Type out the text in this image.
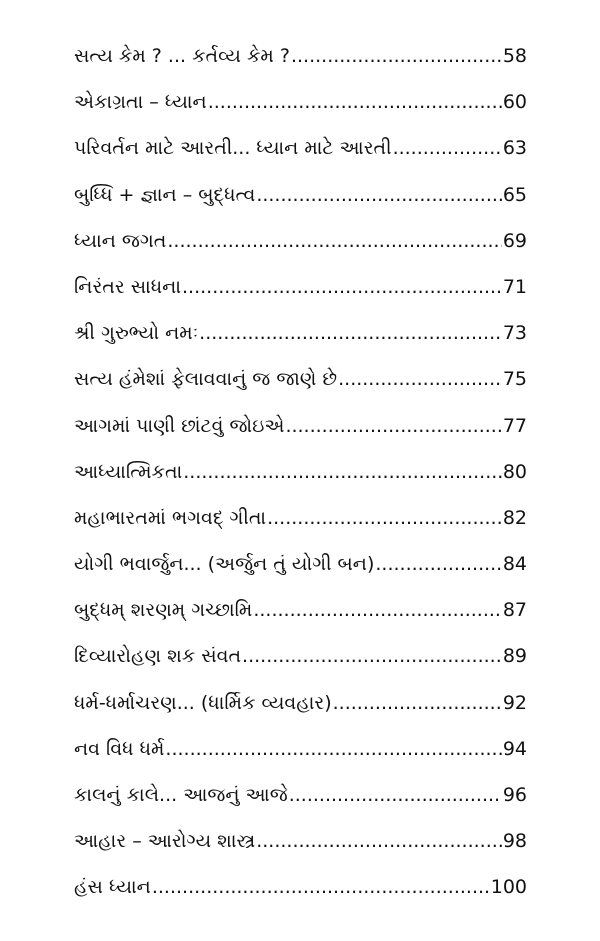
સત્ય કેમ ? ... કર્તવ્ય કેમ ? .....	58
એકાગ્રતા – ધ્યાન .....	60
પરિવર્તન માટે આરતી... ધ્યાન માટે આરતી .....	63
બુધ્ધિ + જ્ઞાન – બુદ્ધત્વ .....	65
ધ્યાન જગત .....	69
નિરંતર સાધના .....	71
શ્રી ગુરુભ્યો નમઃ .....	73
સત્ય હંમેશાં ફેલાવવાનું જ જાણે છે .....	75
આગમાં પાણી છાંટવું જોઇએ .....	77
આધ્યાત્મિકતા .....	80
મહાભારતમાં ભગવદ્ ગીતા .....	82
યોગી ભવાર્જુન... (અર્જુન તું યોગી બન) .....	84
બુદ્ધમ્ શરણમ્ ગચ્છામિ .....	87
દિવ્યારોહણ શક સંવત .....	89
ધર્મ-ધર્માચરણ... (ધાર્મિક વ્યવહાર) .....	92
નવ વિધ ધર્મ .....	94
કાલનું કાલે... આજનું આજે .....	96
આહાર – આરોગ્ય શાસ્ત્ર .....	98
હંસ ધ્યાન .....	100
